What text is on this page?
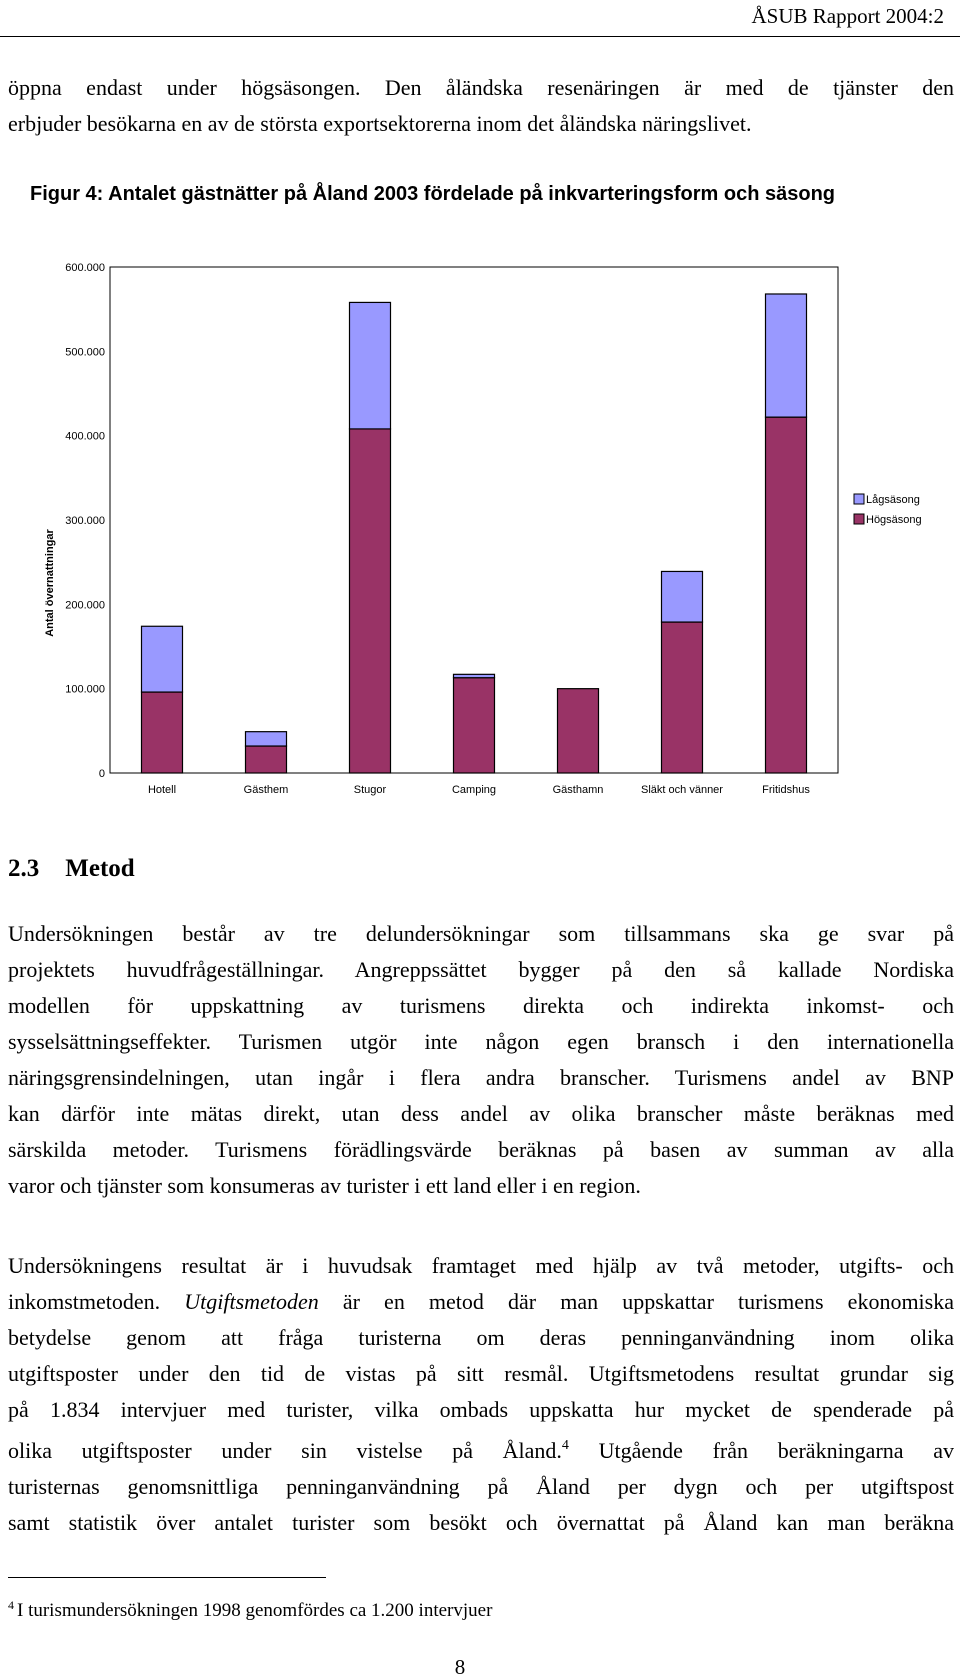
ÅSUB Rapport 2004:2

öppna endast under högsäsongen. Den åländska resenäringen är med de tjänster den
erbjuder besökarna en av de största exportsektorerna inom det åländska näringslivet.

Figur 4: Antalet gästnätter på Åland 2003 fördelade på inkvarteringsform och säsong
Hotell	Gästhem	Stugor	Camping	Gästhamn	Släkt och vänner	Fritidshus
0
100.000
200.000
300.000
400.000
500.000
600.000
Lågsäsong
Högsäsong
Antal övernattningar
2.3 Metod

Undersökningen består av tre delundersökningar som tillsammans ska ge svar på
projektets huvudfrågeställningar. Angreppssättet bygger på den så kallade Nordiska
modellen för uppskattning av turismens direkta och indirekta inkomst- och
sysselsättningseffekter. Turismen utgör inte någon egen bransch i den internationella
näringsgrensindelningen, utan ingår i flera andra branscher. Turismens andel av BNP
kan därför inte mätas direkt, utan dess andel av olika branscher måste beräknas med
särskilda metoder. Turismens förädlingsvärde beräknas på basen av summan av alla
varor och tjänster som konsumeras av turister i ett land eller i en region.

Undersökningens resultat är i huvudsak framtaget med hjälp av två metoder, utgifts- och
inkomstmetoden. Utgiftsmetoden är en metod där man uppskattar turismens ekonomiska
betydelse genom att fråga turisterna om deras penninganvändning inom olika
utgiftsposter under den tid de vistas på sitt resmål. Utgiftsmetodens resultat grundar sig
på 1.834 intervjuer med turister, vilka ombads uppskatta hur mycket de spenderade på
olika utgiftsposter under sin vistelse på Åland.$^4$ Utgående från beräkningarna av
turisternas genomsnittliga penninganvändning på Åland per dygn och per utgiftspost
samt statistik över antalet turister som besökt och övernattat på Åland kan man beräkna

$^4$ I turismundersökningen 1998 genomfördes ca 1.200 intervjuer
8
